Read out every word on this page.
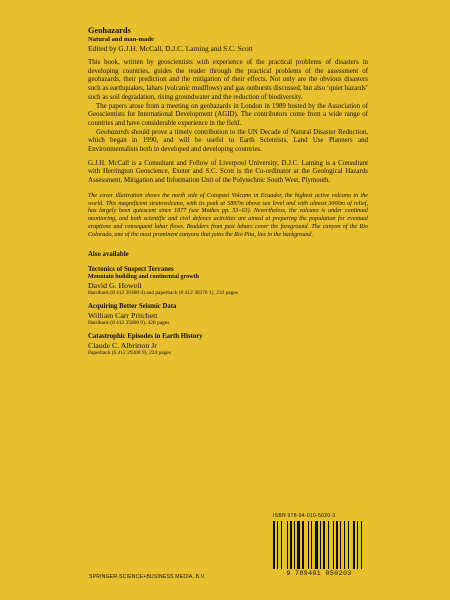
Geohazards
Natural and man-made
Edited by G.J.H. McCall, D.J.C. Laming and S.C. Scott

This book, written by geoscientists with experience of the practical problems of disasters in developing countries, guides the reader through the practical problems of the assessment of geohazards, their prediction and the mitigation of their effects. Not only are the obvious disasters such as earthquakes, lahars (volcanic mudflows) and gas outbursts discussed, but also ‘quiet hazards’ such as soil degradation, rising groundwater and the reduction of biodiversity.

The papers arose from a meeting on geohazards in London in 1989 hosted by the Association of Geoscientists for International Development (AGID). The contributors come from a wide range of countries and have considerable experience in the field.

Geohazards should prove a timely contribution to the UN Decade of Natural Disaster Reduction, which began in 1990, and will be useful to Earth Scientists, Land Use Planners and Environmentalists both in developed and developing countries.

G.J.H. McCall is a Consultant and Fellow of Liverpool University, D.J.C. Laming is a Consultant with Herrington Geoscience, Exeter and S.C. Scott is the Co-ordinator at the Geological Hazards Assessment, Mitigation and Information Unit of the Polytechnic South West, Plymouth.

The cover illustration shows the north side of Cotopaxi Volcano in Ecuador, the highest active volcano in the world. This magnificent stratovolcano, with its peak at 5897m above sea level and with almost 3000m of relief, has largely been quiescent since 1877 (see Mothes pp. 53–63). Nevertheless, the volcano is under continual monitoring, and both scientific and civil defence activities are aimed at preparing the population for eventual eruptions and consequent lahar flows. Boulders from past lahars cover the foreground. The canyon of the Rio Colorado, one of the most prominent canyons that joins the Rio Pita, lies in the background.

Also available
Tectonics of Suspect Terranes
Mountain building and continental growth
David G. Howell
Hardback (0 412 30360 4) and paperback (0 412 30370 1), 232 pages
Acquiring Better Seismic Data
William Carr Pritchett
Hardback (0 412 35800 9), 428 pages
Catastrophic Episodes in Earth History
Claude C. Albritton Jr
Paperback (0 412 29200 9), 224 pages
ISBN 978-94-010-5020-3
9 789401 050203
SPRINGER-SCIENCE+BUSINESS MEDIA, B.V.
